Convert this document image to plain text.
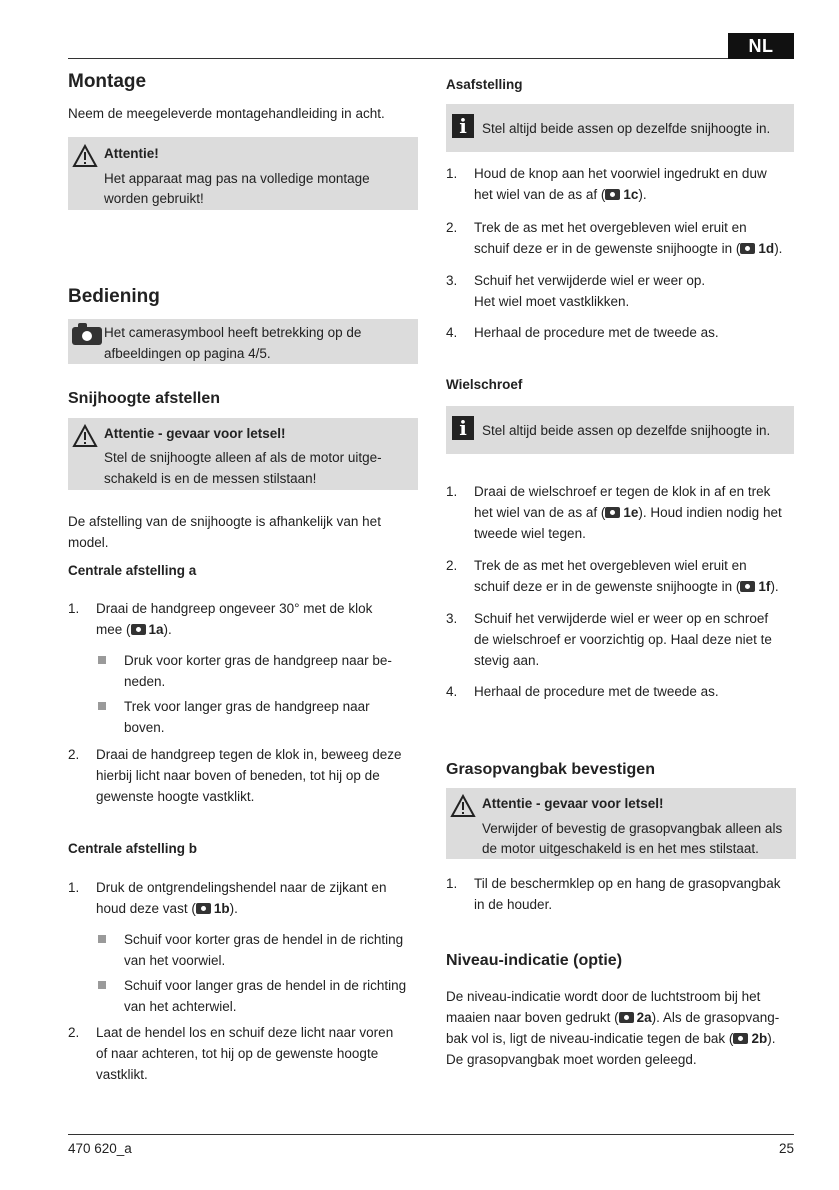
NL
Montage

Neem de meegeleverde montagehandleiding in acht.

Attentie!
Het apparaat mag pas na volledige montage
worden gebruikt!
Bediening
Het camerasymbool heeft betrekking op de
afbeeldingen op pagina 4/5.
Snijhoogte afstellen
Attentie - gevaar voor letsel!
Stel de snijhoogte alleen af als de motor uitge-
schakeld is en de messen stilstaan!

De afstelling van de snijhoogte is afhankelijk van het

model.

Centrale afstelling a
1. Draai de handgreep ongeveer 30° met de klok
mee ( 1a).
Druk voor korter gras de handgreep naar be-
neden.
Trek voor langer gras de handgreep naar
boven.
2. Draai de handgreep tegen de klok in, beweeg deze
hierbij licht naar boven of beneden, tot hij op de
gewenste hoogte vastklikt.
Centrale afstelling b
1. Druk de ontgrendelingshendel naar de zijkant en
houd deze vast ( 1b).
Schuif voor korter gras de hendel in de richting
van het voorwiel.
Schuif voor langer gras de hendel in de richting
van het achterwiel.
2. Laat de hendel los en schuif deze licht naar voren
of naar achteren, tot hij op de gewenste hoogte
vastklikt.
Asafstelling
i	Stel altijd beide assen op dezelfde snijhoogte in.
1. Houd de knop aan het voorwiel ingedrukt en duw
het wiel van de as af ( 1c).
2. Trek de as met het overgebleven wiel eruit en
schuif deze er in de gewenste snijhoogte in ( 1d).
3. Schuif het verwijderde wiel er weer op.
Het wiel moet vastklikken.
4. Herhaal de procedure met de tweede as.
Wielschroef
i	Stel altijd beide assen op dezelfde snijhoogte in.
1. Draai de wielschroef er tegen de klok in af en trek
het wiel van de as af ( 1e). Houd indien nodig het
tweede wiel tegen.
2. Trek de as met het overgebleven wiel eruit en
schuif deze er in de gewenste snijhoogte in ( 1f).
3. Schuif het verwijderde wiel er weer op en schroef
de wielschroef er voorzichtig op. Haal deze niet te
stevig aan.
4. Herhaal de procedure met de tweede as.
Grasopvangbak bevestigen
Attentie - gevaar voor letsel!
Verwijder of bevestig de grasopvangbak alleen als
de motor uitgeschakeld is en het mes stilstaat.
1. Til de beschermklep op en hang de grasopvangbak
in de houder.
Niveau-indicatie (optie)
De niveau-indicatie wordt door de luchtstroom bij het
maaien naar boven gedrukt ( 2a). Als de grasopvang-
bak vol is, ligt de niveau-indicatie tegen de bak ( 2b).
De grasopvangbak moet worden geleegd.
470 620_a	25
